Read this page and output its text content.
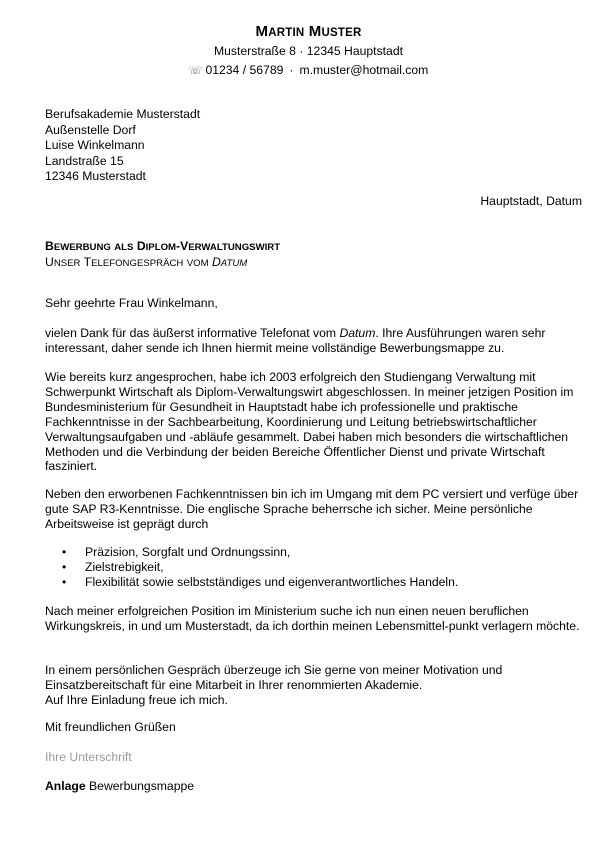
MARTIN MUSTER
Musterstraße 8 · 12345 Hauptstadt
☏ 01234 / 56789 · m.muster@hotmail.com
Berufsakademie Musterstadt
Außenstelle Dorf
Luise Winkelmann
Landstraße 15
12346 Musterstadt
Hauptstadt, Datum
BEWERBUNG ALS DIPLOM-VERWALTUNGSWIRT
UNSER TELEFONGESPRÄCH VOM DATUM
Sehr geehrte Frau Winkelmann,

vielen Dank für das äußerst informative Telefonat vom Datum. Ihre Ausführungen waren sehr interessant, daher sende ich Ihnen hiermit meine vollständige Bewerbungsmappe zu.

Wie bereits kurz angesprochen, habe ich 2003 erfolgreich den Studiengang Verwaltung mit Schwerpunkt Wirtschaft als Diplom-Verwaltungswirt abgeschlossen. In meiner jetzigen Position im Bundesministerium für Gesundheit in Hauptstadt habe ich professionelle und praktische Fachkenntnisse in der Sachbearbeitung, Koordinierung und Leitung betriebswirtschaftlicher Verwaltungsaufgaben und -abläufe gesammelt. Dabei haben mich besonders die wirtschaftlichen Methoden und die Verbindung der beiden Bereiche Öffentlicher Dienst und private Wirtschaft fasziniert.

Neben den erworbenen Fachkenntnissen bin ich im Umgang mit dem PC versiert und verfüge über gute SAP R3-Kenntnisse. Die englische Sprache beherrsche ich sicher. Meine persönliche Arbeitsweise ist geprägt durch

• Präzision, Sorgfalt und Ordnungssinn,
• Zielstrebigkeit,
• Flexibilität sowie selbstständiges und eigenverantwortliches Handeln.

Nach meiner erfolgreichen Position im Ministerium suche ich nun einen neuen beruflichen Wirkungskreis, in und um Musterstadt, da ich dorthin meinen Lebensmittel-punkt verlagern möchte.

In einem persönlichen Gespräch überzeuge ich Sie gerne von meiner Motivation und Einsatzbereitschaft für eine Mitarbeit in Ihrer renommierten Akademie.

Auf Ihre Einladung freue ich mich.

Mit freundlichen Grüßen
Ihre Unterschrift
Anlage Bewerbungsmappe
